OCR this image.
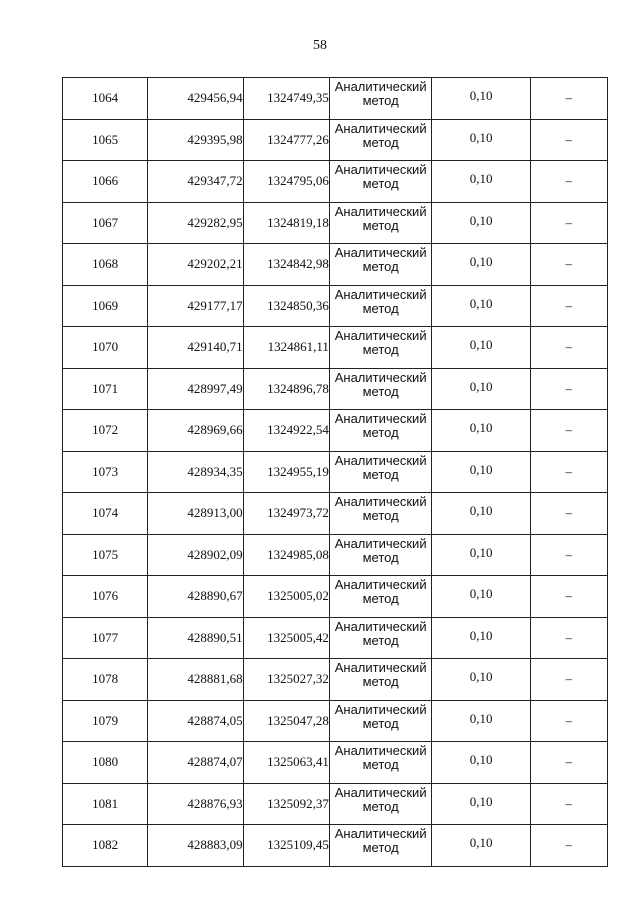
58
1064	429456,94	1324749,35	Аналитический метод	0,10	–
1065	429395,98	1324777,26	Аналитический метод	0,10	–
1066	429347,72	1324795,06	Аналитический метод	0,10	–
1067	429282,95	1324819,18	Аналитический метод	0,10	–
1068	429202,21	1324842,98	Аналитический метод	0,10	–
1069	429177,17	1324850,36	Аналитический метод	0,10	–
1070	429140,71	1324861,11	Аналитический метод	0,10	–
1071	428997,49	1324896,78	Аналитический метод	0,10	–
1072	428969,66	1324922,54	Аналитический метод	0,10	–
1073	428934,35	1324955,19	Аналитический метод	0,10	–
1074	428913,00	1324973,72	Аналитический метод	0,10	–
1075	428902,09	1324985,08	Аналитический метод	0,10	–
1076	428890,67	1325005,02	Аналитический метод	0,10	–
1077	428890,51	1325005,42	Аналитический метод	0,10	–
1078	428881,68	1325027,32	Аналитический метод	0,10	–
1079	428874,05	1325047,28	Аналитический метод	0,10	–
1080	428874,07	1325063,41	Аналитический метод	0,10	–
1081	428876,93	1325092,37	Аналитический метод	0,10	–
1082	428883,09	1325109,45	Аналитический метод	0,10	–
